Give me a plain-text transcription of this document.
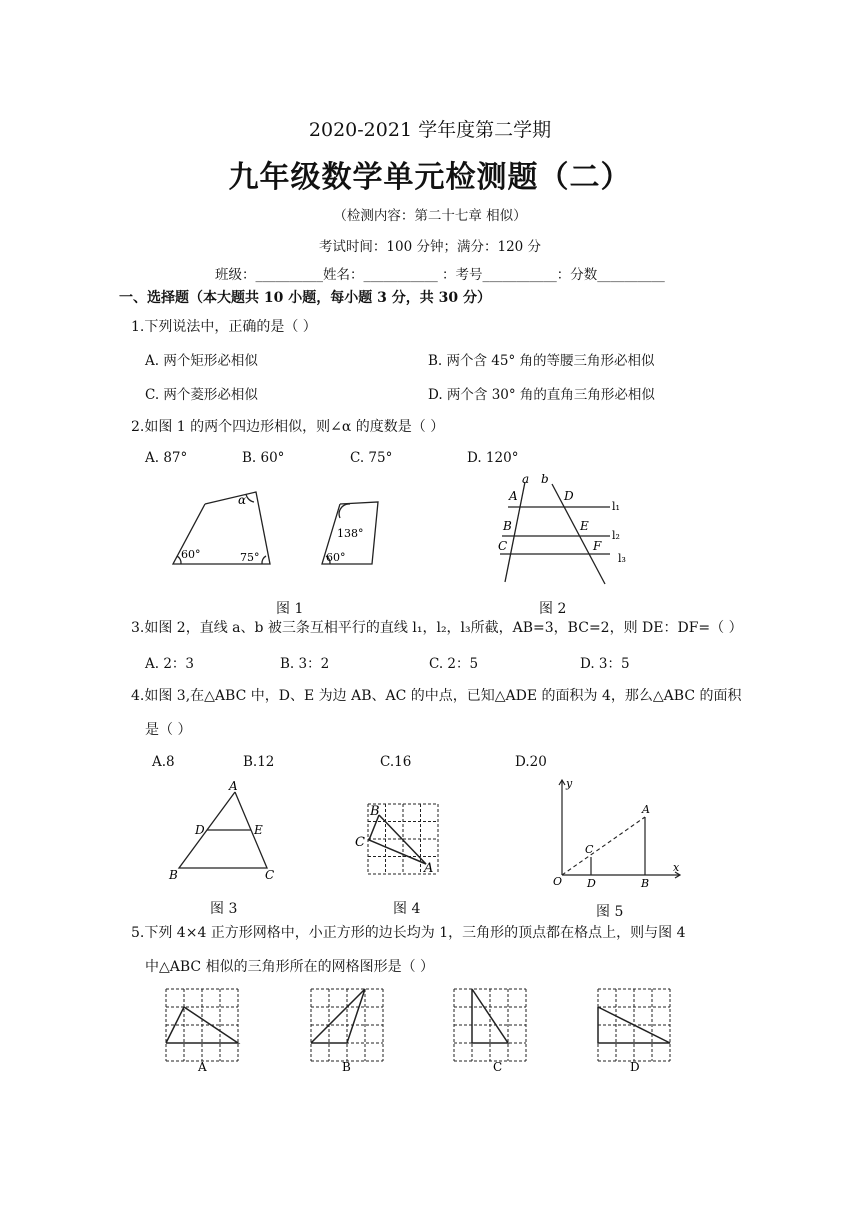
2020-2021 学年度第二学期
九年级数学单元检测题（二）
（检测内容：第二十七章 相似）
考试时间：100 分钟；满分：120 分
班级：__________姓名：___________ ：考号___________：分数__________
一、选择题（本大题共 10 小题，每小题 3 分，共 30 分）
1.下列说法中，正确的是（ ）
A. 两个矩形必相似	B. 两个含 45° 角的等腰三角形必相似
C. 两个菱形必相似	D. 两个含 30° 角的直角三角形必相似
2.如图 1 的两个四边形相似，则∠α 的度数是（ ）
A. 87°	B. 60°	C. 75°	D. 120°
α
60°	75°
138°
60°
图 1
a b
A	D
B	E
C	F
l₁
l₂
l₃
图 2
3.如图 2，直线 a、b 被三条互相平行的直线 l₁，l₂，l₃所截，AB=3，BC=2，则 DE：DF=（ ）
A. 2：3	B. 3：2	C. 2：5	D. 3：5
4.如图 3,在△ABC 中，D、E 为边 AB、AC 的中点，已知△ADE 的面积为 4，那么△ABC 的面积
是（ ）
A.8	B.12	C.16	D.20
A
D	E
B	C
图 3
B
C
A
图 4
y
x
O
A
C
D	B
图 5
5.下列 4×4 正方形网格中，小正方形的边长均为 1，三角形的顶点都在格点上，则与图 4
中△ABC 相似的三角形所在的网格图形是（ ）
A	B	C	D
